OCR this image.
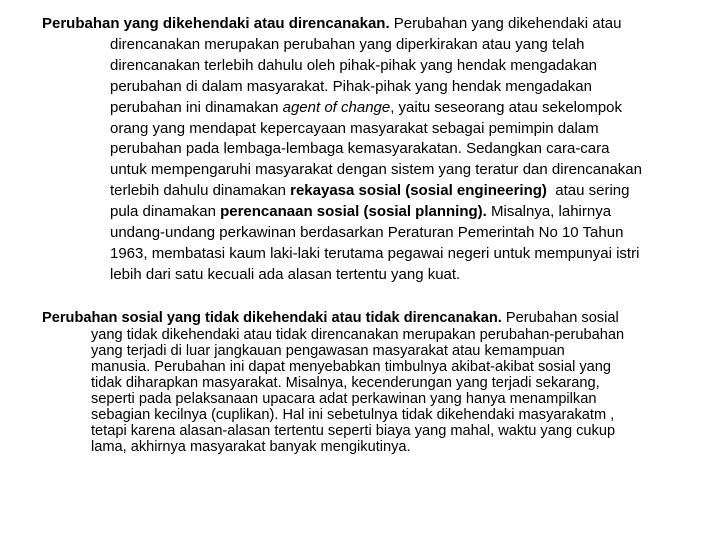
Perubahan yang dikehendaki atau direncanakan. Perubahan yang dikehendaki atau
direncanakan merupakan perubahan yang diperkirakan atau yang telah
direncanakan terlebih dahulu oleh pihak-pihak yang hendak mengadakan
perubahan di dalam masyarakat. Pihak-pihak yang hendak mengadakan
perubahan ini dinamakan agent of change, yaitu seseorang atau sekelompok
orang yang mendapat kepercayaan masyarakat sebagai pemimpin dalam
perubahan pada lembaga-lembaga kemasyarakatan. Sedangkan cara-cara
untuk mempengaruhi masyarakat dengan sistem yang teratur dan direncanakan
terlebih dahulu dinamakan rekayasa sosial (sosial engineering)  atau sering
pula dinamakan perencanaan sosial (sosial planning). Misalnya, lahirnya
undang-undang perkawinan berdasarkan Peraturan Pemerintah No 10 Tahun
1963, membatasi kaum laki-laki terutama pegawai negeri untuk mempunyai istri
lebih dari satu kecuali ada alasan tertentu yang kuat.
Perubahan sosial yang tidak dikehendaki atau tidak direncanakan. Perubahan sosial
yang tidak dikehendaki atau tidak direncanakan merupakan perubahan-perubahan
yang terjadi di luar jangkauan pengawasan masyarakat atau kemampuan
manusia. Perubahan ini dapat menyebabkan timbulnya akibat-akibat sosial yang
tidak diharapkan masyarakat. Misalnya, kecenderungan yang terjadi sekarang,
seperti pada pelaksanaan upacara adat perkawinan yang hanya menampilkan
sebagian kecilnya (cuplikan). Hal ini sebetulnya tidak dikehendaki masyarakatm ,
tetapi karena alasan-alasan tertentu seperti biaya yang mahal, waktu yang cukup
lama, akhirnya masyarakat banyak mengikutinya.
